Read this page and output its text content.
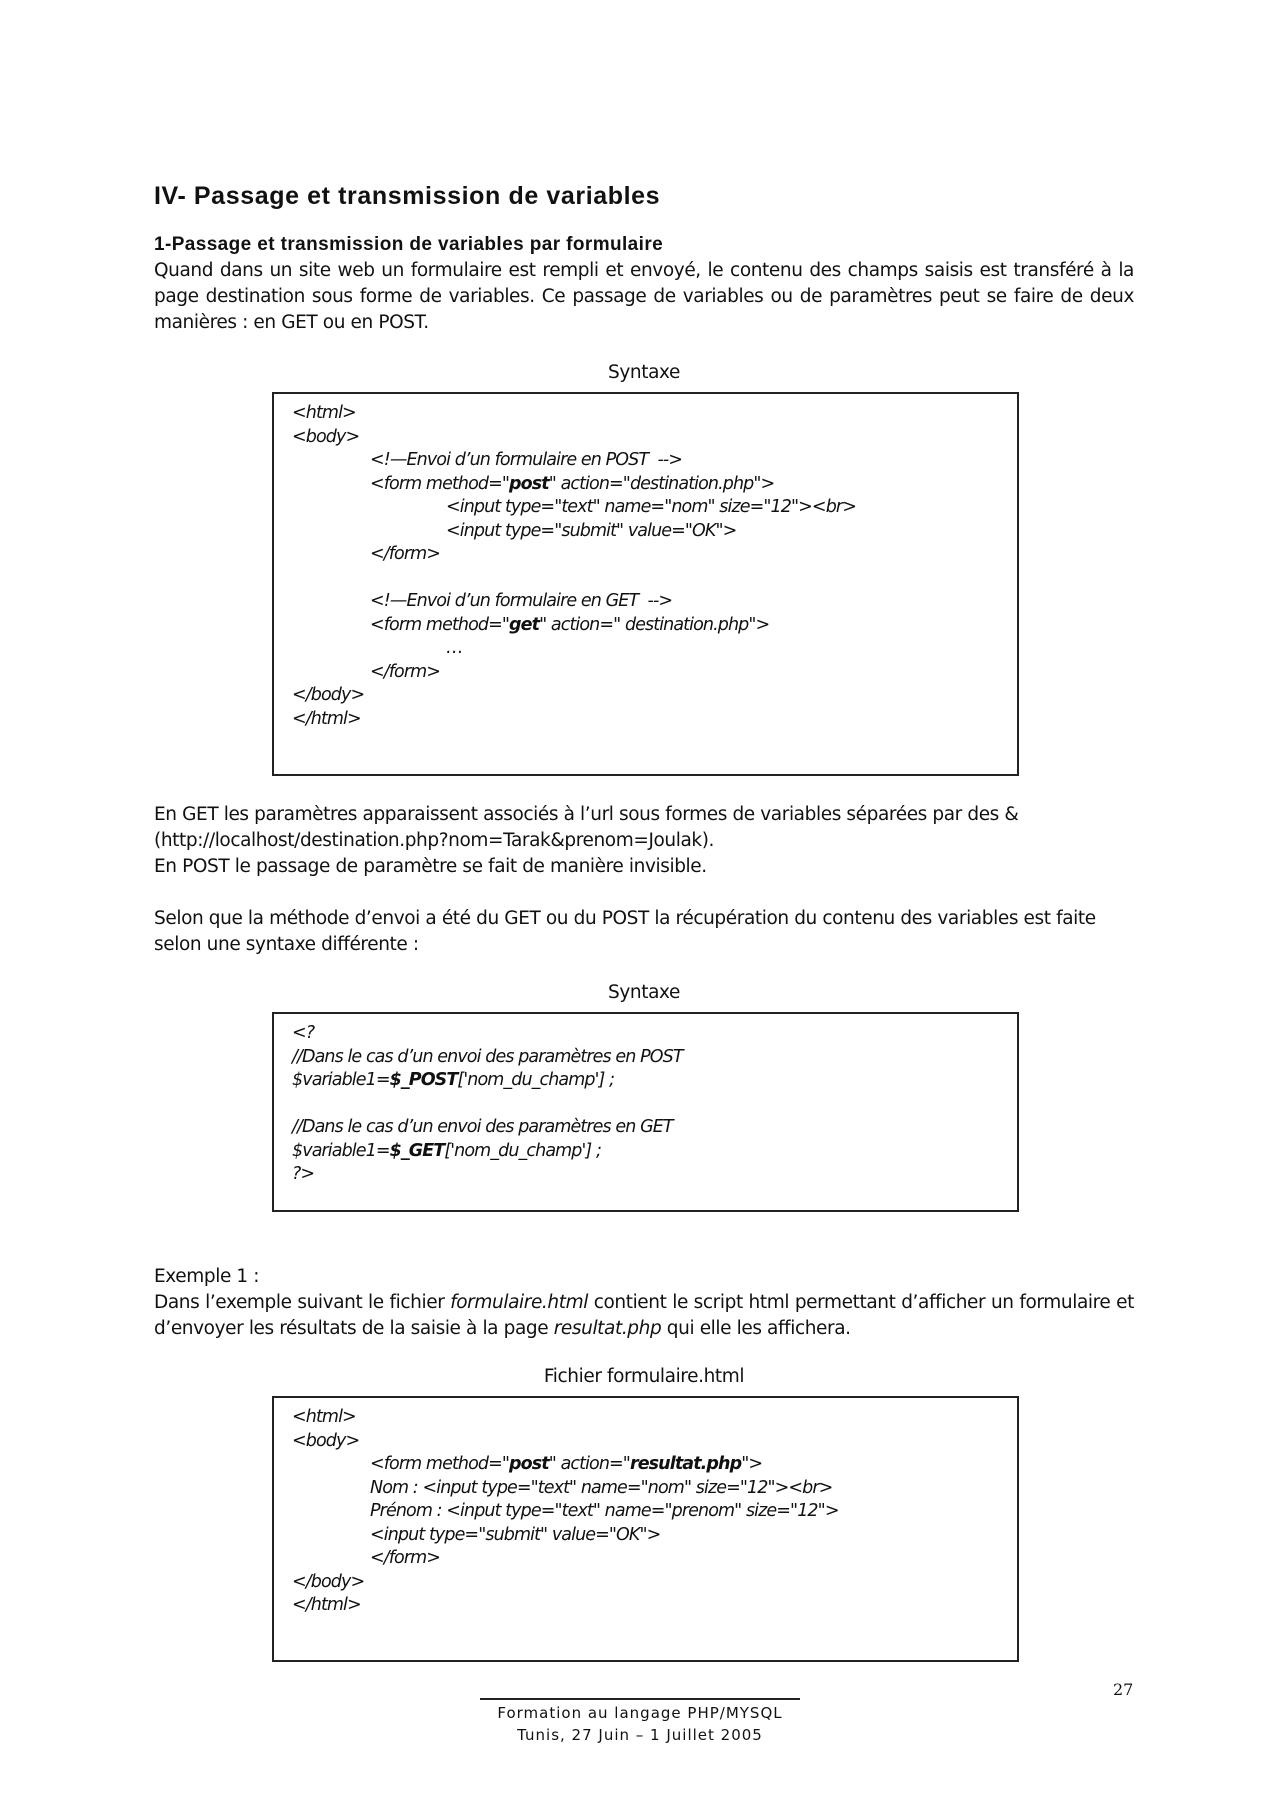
IV- Passage et transmission de variables
1-Passage et transmission de variables par formulaire

Quand dans un site web un formulaire est rempli et envoyé, le contenu des champs saisis est transféré à la page destination sous forme de variables. Ce passage de variables ou de paramètres peut se faire de deux manières : en GET ou en POST.

Syntaxe
<html>
<body>
<!—Envoi d’un formulaire en POST  -->
<form method="post" action="destination.php">
<input type="text" name="nom" size="12"><br>
<input type="submit" value="OK">
</form>
<!—Envoi d’un formulaire en GET  -->
<form method="get" action=" destination.php">
…
</form>
</body>
</html>

En GET les paramètres apparaissent associés à l’url sous formes de variables séparées par des & (http://localhost/destination.php?nom=Tarak&prenom=Joulak).

En POST le passage de paramètre se fait de manière invisible.

Selon que la méthode d’envoi a été du GET ou du POST la récupération du contenu des variables est faite selon une syntaxe différente :

Syntaxe
<?
//Dans le cas d’un envoi des paramètres en POST
$variable1=$_POST['nom_du_champ'] ;
//Dans le cas d’un envoi des paramètres en GET
$variable1=$_GET['nom_du_champ'] ;
?>

Exemple 1 :

Dans l’exemple suivant le fichier formulaire.html contient le script html permettant d’afficher un formulaire et d’envoyer les résultats de la saisie à la page resultat.php qui elle les affichera.

Fichier formulaire.html
<html>
<body>
<form method="post" action="resultat.php">
Nom : <input type="text" name="nom" size="12"><br>
Prénom : <input type="text" name="prenom" size="12">
<input type="submit" value="OK">
</form>
</body>
</html>
27
Formation au langage PHP/MYSQL
Tunis, 27 Juin – 1 Juillet 2005
